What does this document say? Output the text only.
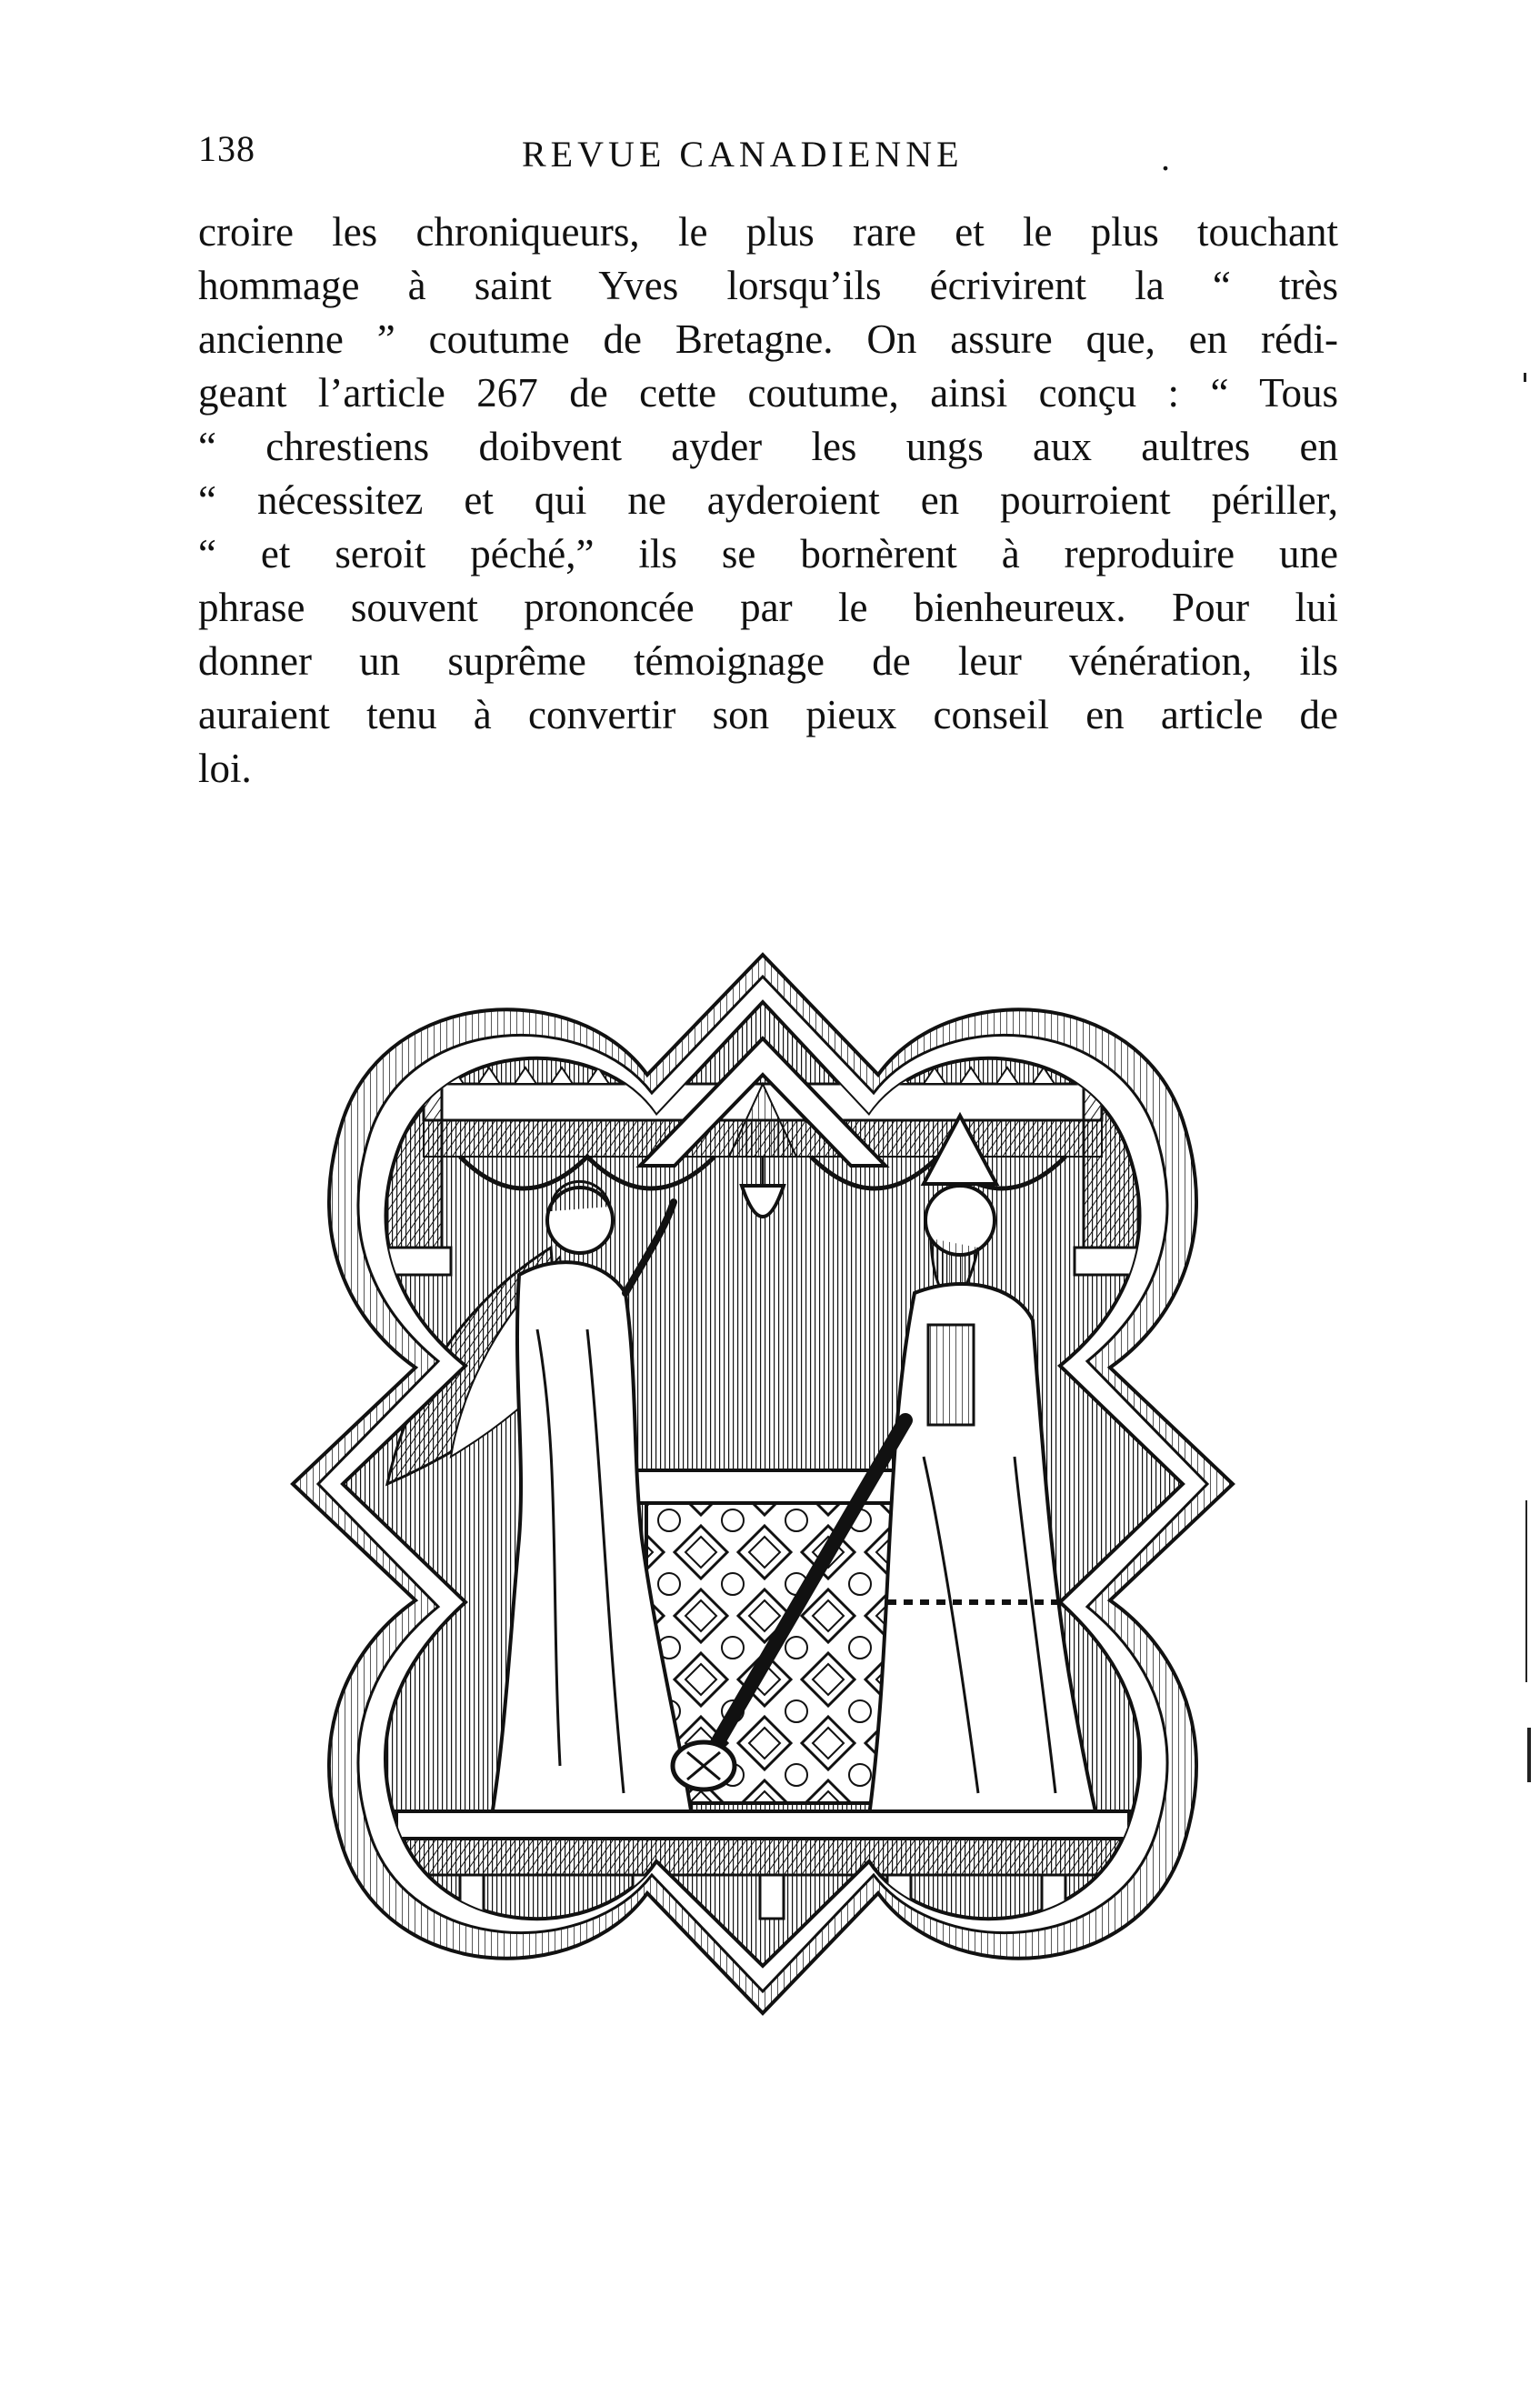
138	REVUE CANADIENNE	.
croire les chroniqueurs, le plus rare et le plus touchant
hommage à saint Yves lorsqu’ils écrivirent la “ très
ancienne ” coutume de Bretagne. On assure que, en rédi-
geant l’article 267 de cette coutume, ainsi conçu : “ Tous
“ chrestiens doibvent ayder les ungs aux aultres en
“ nécessitez et qui ne ayderoient en pourroient périller,
“ et seroit péché,” ils se bornèrent à reproduire une
phrase souvent prononcée par le bienheureux. Pour lui
donner un suprême témoignage de leur vénération, ils
auraient tenu à convertir son pieux conseil en article de
loi.
